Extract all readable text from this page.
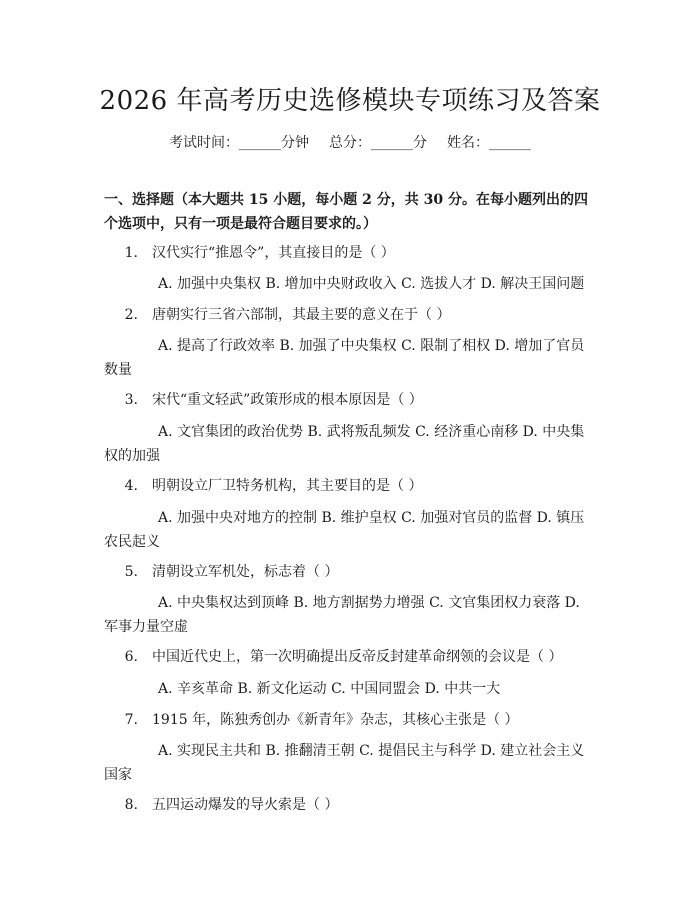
2026 年高考历史选修模块专项练习及答案
考试时间：______分钟 总分：______分 姓名：______
一、选择题（本大题共 15 小题，每小题 2 分，共 30 分。在每小题列出的四个选项中，只有一项是最符合题目要求的。）
1. 汉代实行“推恩令”，其直接目的是（ ）
A. 加强中央集权 B. 增加中央财政收入 C. 选拔人才 D. 解决王国问题
2. 唐朝实行三省六部制，其最主要的意义在于（ ）
A. 提高了行政效率 B. 加强了中央集权 C. 限制了相权 D. 增加了官员数量
3. 宋代“重文轻武”政策形成的根本原因是（ ）
A. 文官集团的政治优势 B. 武将叛乱频发 C. 经济重心南移 D. 中央集权的加强
4. 明朝设立厂卫特务机构，其主要目的是（ ）
A. 加强中央对地方的控制 B. 维护皇权 C. 加强对官员的监督 D. 镇压农民起义
5. 清朝设立军机处，标志着（ ）
A. 中央集权达到顶峰 B. 地方割据势力增强 C. 文官集团权力衰落 D. 军事力量空虚
6. 中国近代史上，第一次明确提出反帝反封建革命纲领的会议是（ ）
A. 辛亥革命 B. 新文化运动 C. 中国同盟会 D. 中共一大
7. 1915 年，陈独秀创办《新青年》杂志，其核心主张是（ ）
A. 实现民主共和 B. 推翻清王朝 C. 提倡民主与科学 D. 建立社会主义国家
8. 五四运动爆发的导火索是（ ）
